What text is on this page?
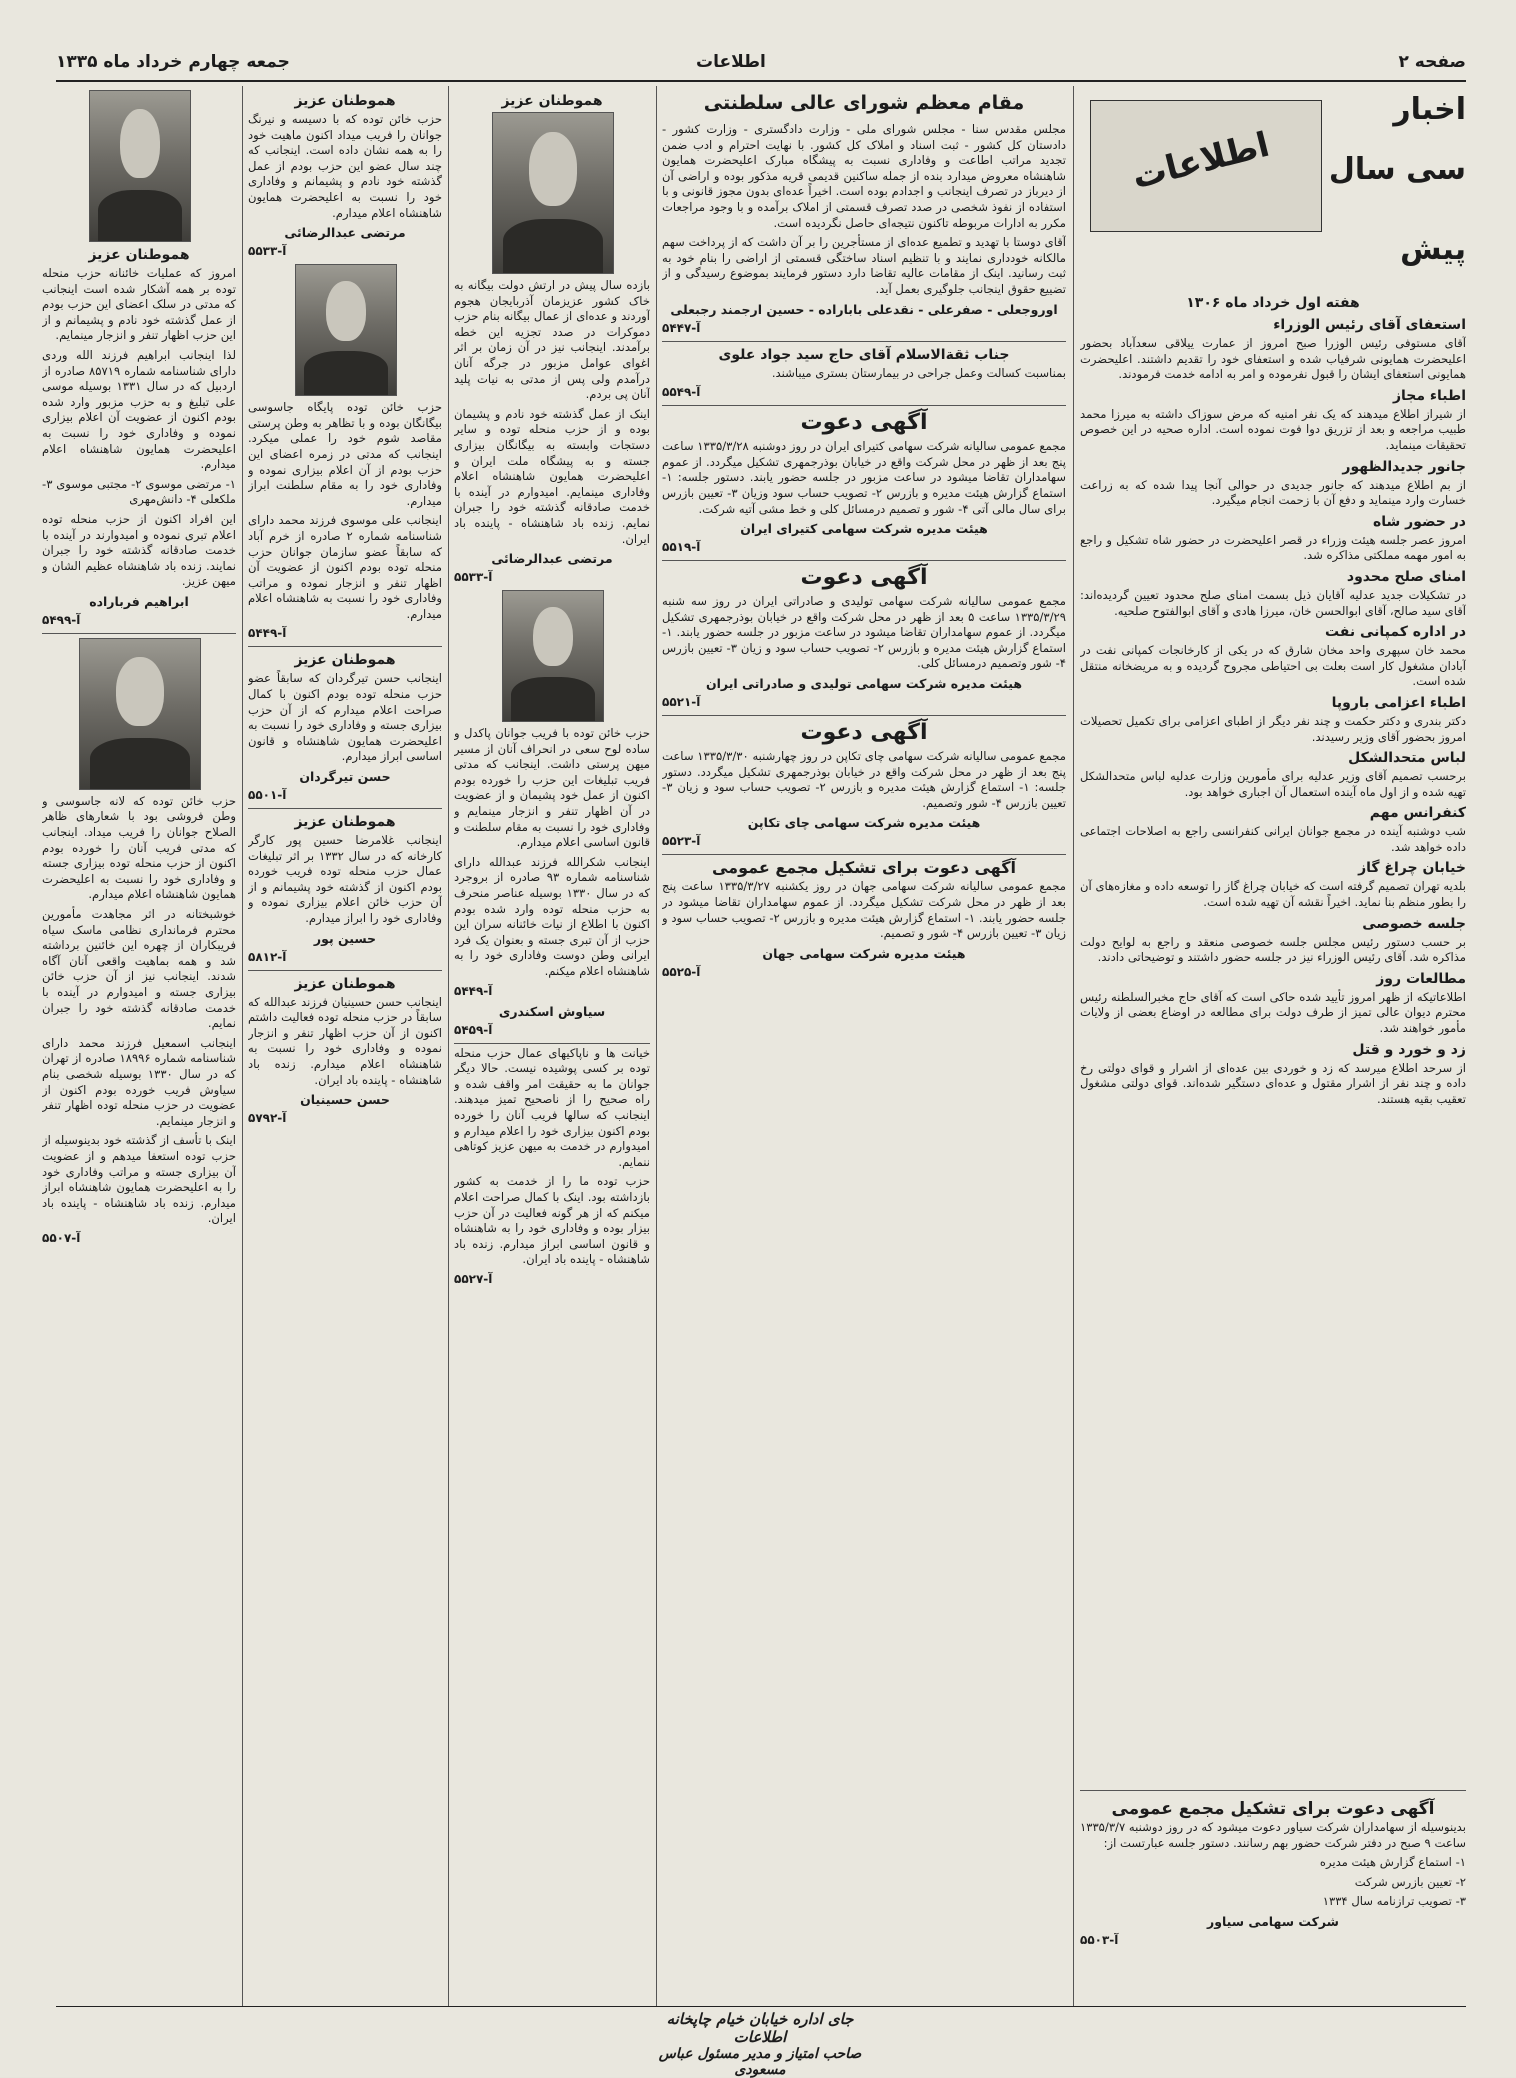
صفحه ۲
اطلاعات
جمعه چهارم خرداد ماه ۱۳۳۵
اخبار
سی سال
پیش
اطلاعات
هفته اول خرداد ماه ۱۳۰۶
استعفای آقای رئیس الوزراء

آقای مستوفی رئیس الوزرا صبح امروز از عمارت ییلاقی سعدآباد بحضور اعلیحضرت همایونی شرفیاب شده و استعفای خود را تقدیم داشتند. اعلیحضرت همایونی استعفای ایشان را قبول نفرموده و امر به ادامه خدمت فرمودند.

اطباء مجاز

از شیراز اطلاع میدهند که یک نفر امنیه که مرض سوزاک داشته به میرزا محمد طبیب مراجعه و بعد از تزریق دوا فوت نموده است. اداره صحیه در این خصوص تحقیقات مینماید.

جانور جدیدالظهور

از بم اطلاع میدهند که جانور جدیدی در حوالی آنجا پیدا شده که به زراعت خسارت وارد مینماید و دفع آن با زحمت انجام میگیرد.

در حضور شاه

امروز عصر جلسه هیئت وزراء در قصر اعلیحضرت در حضور شاه تشکیل و راجع به امور مهمه مملکتی مذاکره شد.

امنای صلح محدود

در تشکیلات جدید عدلیه آقایان ذیل بسمت امنای صلح محدود تعیین گردیده‌اند: آقای سید صالح، آقای ابوالحسن خان، میرزا هادی و آقای ابوالفتوح صلحیه.

در اداره کمپانی نفت

محمد خان سپهری واحد مخان شارق که در یکی از کارخانجات کمپانی نفت در آبادان مشغول کار است بعلت بی احتیاطی مجروح گردیده و به مریضخانه منتقل شده است.

اطباء اعزامی باروپا

دکتر بندری و دکتر حکمت و چند نفر دیگر از اطبای اعزامی برای تکمیل تحصیلات امروز بحضور آقای وزیر رسیدند.

لباس متحدالشکل

برحسب تصمیم آقای وزیر عدلیه برای مأمورین وزارت عدلیه لباس متحدالشکل تهیه شده و از اول ماه آینده استعمال آن اجباری خواهد بود.

کنفرانس مهم

شب دوشنبه آینده در مجمع جوانان ایرانی کنفرانسی راجع به اصلاحات اجتماعی داده خواهد شد.

خیابان چراغ گاز

بلدیه تهران تصمیم گرفته است که خیابان چراغ گاز را توسعه داده و مغازه‌های آن را بطور منظم بنا نماید. اخیراً نقشه آن تهیه شده است.

جلسه خصوصی

بر حسب دستور رئیس مجلس جلسه خصوصی منعقد و راجع به لوایح دولت مذاکره شد. آقای رئیس الوزراء نیز در جلسه حضور داشتند و توضیحاتی دادند.

مطالعات روز

اطلاعاتیکه از ظهر امروز تأیید شده حاکی است که آقای حاج مخبرالسلطنه رئیس محترم دیوان عالی تمیز از طرف دولت برای مطالعه در اوضاع بعضی از ولایات مأمور خواهند شد.

زد و خورد و قتل

از سرحد اطلاع میرسد که زد و خوردی بین عده‌ای از اشرار و قوای دولتی رخ داده و چند نفر از اشرار مقتول و عده‌ای دستگیر شده‌اند. قوای دولتی مشغول تعقیب بقیه هستند.

آگهی دعوت برای تشکیل مجمع عمومی

بدینوسیله از سهامداران شرکت سیاور دعوت میشود که در روز دوشنبه ۱۳۳۵/۳/۷ ساعت ۹ صبح در دفتر شرکت حضور بهم رسانند. دستور جلسه عبارتست از:

۱- استماع گزارش هیئت مدیره

۲- تعیین بازرس شرکت

۳- تصویب ترازنامه سال ۱۳۳۴

شرکت سهامی سیاور
آ-۵۵۰۳
مقام معظم شورای عالی سلطنتی

مجلس مقدس سنا - مجلس شورای ملی - وزارت دادگستری - وزارت کشور - دادستان کل کشور - ثبت اسناد و املاک کل کشور. با نهایت احترام و ادب ضمن تجدید مراتب اطاعت و وفاداری نسبت به پیشگاه مبارک اعلیحضرت همایون شاهنشاه معروض میدارد بنده از جمله ساکنین قدیمی قریه مذکور بوده و اراضی آن از دیرباز در تصرف اینجانب و اجدادم بوده است. اخیراً عده‌ای بدون مجوز قانونی و با استفاده از نفوذ شخصی در صدد تصرف قسمتی از املاک برآمده و با وجود مراجعات مکرر به ادارات مربوطه تاکنون نتیجه‌ای حاصل نگردیده است.

آقای دوستا با تهدید و تطمیع عده‌ای از مستأجرین را بر آن داشت که از پرداخت سهم مالکانه خودداری نمایند و با تنظیم اسناد ساختگی قسمتی از اراضی را بنام خود به ثبت رسانید. اینک از مقامات عالیه تقاضا دارد دستور فرمایند بموضوع رسیدگی و از تضییع حقوق اینجانب جلوگیری بعمل آید.

اوروجعلی - صفرعلی - نقدعلی باباراده - حسین ارجمند رجبعلی
آ-۵۴۴۷
جناب ثقةالاسلام آقای حاج سید جواد علوی

بمناسبت کسالت وعمل جراحی در بیمارستان بستری میباشند.

آ-۵۵۴۹
آگهی دعوت

مجمع عمومی سالیانه شرکت سهامی کتیرای ایران در روز دوشنبه ۱۳۳۵/۳/۲۸ ساعت پنج بعد از ظهر در محل شرکت واقع در خیابان بوذرجمهری تشکیل میگردد. از عموم سهامداران تقاضا میشود در ساعت مزبور در جلسه حضور یابند. دستور جلسه: ۱- استماع گزارش هیئت مدیره و بازرس ۲- تصویب حساب سود وزیان ۳- تعیین بازرس برای سال مالی آتی ۴- شور و تصمیم درمسائل کلی و خط مشی آتیه شرکت.

هیئت مدیره شرکت سهامی کتیرای ایران
آ-۵۵۱۹
آگهی دعوت

مجمع عمومی سالیانه شرکت سهامی تولیدی و صادراتی ایران در روز سه شنبه ۱۳۳۵/۳/۲۹ ساعت ۵ بعد از ظهر در محل شرکت واقع در خیابان بوذرجمهری تشکیل میگردد. از عموم سهامداران تقاضا میشود در ساعت مزبور در جلسه حضور یابند. ۱- استماع گزارش هیئت مدیره و بازرس ۲- تصویب حساب سود و زیان ۳- تعیین بازرس ۴- شور وتصمیم درمسائل کلی.

هیئت مدیره شرکت سهامی تولیدی و صادراتی ایران
آ-۵۵۲۱
آگهی دعوت

مجمع عمومی سالیانه شرکت سهامی چای تکاپن در روز چهارشنبه ۱۳۳۵/۳/۳۰ ساعت پنج بعد از ظهر در محل شرکت واقع در خیابان بوذرجمهری تشکیل میگردد. دستور جلسه: ۱- استماع گزارش هیئت مدیره و بازرس ۲- تصویب حساب سود و زیان ۳- تعیین بازرس ۴- شور وتصمیم.

هیئت مدیره شرکت سهامی چای تکاپن
آ-۵۵۲۳
آگهی دعوت برای تشکیل مجمع عمومی

مجمع عمومی سالیانه شرکت سهامی جهان در روز یکشنبه ۱۳۳۵/۳/۲۷ ساعت پنج بعد از ظهر در محل شرکت تشکیل میگردد. از عموم سهامداران تقاضا میشود در جلسه حضور یابند. ۱- استماع گزارش هیئت مدیره و بازرس ۲- تصویب حساب سود و زیان ۳- تعیین بازرس ۴- شور و تصمیم.

هیئت مدیره شرکت سهامی جهان
آ-۵۵۲۵
هموطنان عزیز

بازده سال پیش در ارتش دولت بیگانه به خاک کشور عزیزمان آذربایجان هجوم آوردند و عده‌ای از عمال بیگانه بنام حزب دموکرات در صدد تجزیه این خطه برآمدند. اینجانب نیز در آن زمان بر اثر اغوای عوامل مزبور در جرگه آنان درآمدم ولی پس از مدتی به نیات پلید آنان پی بردم.

اینک از عمل گذشته خود نادم و پشیمان بوده و از حزب منحله توده و سایر دستجات وابسته به بیگانگان بیزاری جسته و به پیشگاه ملت ایران و اعلیحضرت همایون شاهنشاه اعلام وفاداری مینمایم. امیدوارم در آینده با خدمت صادقانه گذشته خود را جبران نمایم. زنده باد شاهنشاه - پاینده باد ایران.

مرتضی عبدالرضائی
آ-۵۵۳۳

حزب خائن توده با فریب جوانان پاکدل و ساده لوح سعی در انحراف آنان از مسیر میهن پرستی داشت. اینجانب که مدتی فریب تبلیغات این حزب را خورده بودم اکنون از عمل خود پشیمان و از عضویت در آن اظهار تنفر و انزجار مینمایم و وفاداری خود را نسبت به مقام سلطنت و قانون اساسی اعلام میدارم.

اینجانب شکرالله فرزند عبدالله دارای شناسنامه شماره ۹۳ صادره از بروجرد که در سال ۱۳۳۰ بوسیله عناصر منحرف به حزب منحله توده وارد شده بودم اکنون با اطلاع از نیات خائنانه سران این حزب از آن تبری جسته و بعنوان یک فرد ایرانی وطن دوست وفاداری خود را به شاهنشاه اعلام میکنم.

آ-۵۴۴۹
سیاوش اسکندری
آ-۵۴۵۹

خیانت ها و ناپاکیهای عمال حزب منحله توده بر کسی پوشیده نیست. حالا دیگر جوانان ما به حقیقت امر واقف شده و راه صحیح را از ناصحیح تمیز میدهند. اینجانب که سالها فریب آنان را خورده بودم اکنون بیزاری خود را اعلام میدارم و امیدوارم در خدمت به میهن عزیز کوتاهی ننمایم.

حزب توده ما را از خدمت به کشور بازداشته بود. اینک با کمال صراحت اعلام میکنم که از هر گونه فعالیت در آن حزب بیزار بوده و وفاداری خود را به شاهنشاه و قانون اساسی ابراز میدارم. زنده باد شاهنشاه - پاینده باد ایران.

آ-۵۵۲۷
هموطنان عزیز

حزب خائن توده که با دسیسه و نیرنگ جوانان را فریب میداد اکنون ماهیت خود را به همه نشان داده است. اینجانب که چند سال عضو این حزب بودم از عمل گذشته خود نادم و پشیمانم و وفاداری خود را نسبت به اعلیحضرت همایون شاهنشاه اعلام میدارم.

مرتضی عبدالرضائی
آ-۵۵۳۳

حزب خائن توده پایگاه جاسوسی بیگانگان بوده و با تظاهر به وطن پرستی مقاصد شوم خود را عملی میکرد. اینجانب که مدتی در زمره اعضای این حزب بودم از آن اعلام بیزاری نموده و وفاداری خود را به مقام سلطنت ابراز میدارم.

اینجانب علی موسوی فرزند محمد دارای شناسنامه شماره ۲ صادره از خرم آباد که سابقاً عضو سازمان جوانان حزب منحله توده بودم اکنون از عضویت آن اظهار تنفر و انزجار نموده و مراتب وفاداری خود را نسبت به شاهنشاه اعلام میدارم.

آ-۵۴۴۹
هموطنان عزیز

اینجانب حسن تیرگردان که سابقاً عضو حزب منحله توده بودم اکنون با کمال صراحت اعلام میدارم که از آن حزب بیزاری جسته و وفاداری خود را نسبت به اعلیحضرت همایون شاهنشاه و قانون اساسی ابراز میدارم.

حسن تیرگردان
آ-۵۵۰۱
هموطنان عزیز

اینجانب غلامرضا حسین پور کارگر کارخانه که در سال ۱۳۳۲ بر اثر تبلیغات عمال حزب منحله توده فریب خورده بودم اکنون از گذشته خود پشیمانم و از آن حزب خائن اعلام بیزاری نموده و وفاداری خود را ابراز میدارم.

حسین پور
آ-۵۸۱۲
هموطنان عزیز

اینجانب حسن حسینیان فرزند عبدالله که سابقاً در حزب منحله توده فعالیت داشتم اکنون از آن حزب اظهار تنفر و انزجار نموده و وفاداری خود را نسبت به شاهنشاه اعلام میدارم. زنده باد شاهنشاه - پاینده باد ایران.

حسن حسینیان
آ-۵۷۹۲
هموطنان عزیز

امروز که عملیات خائنانه حزب منحله توده بر همه آشکار شده است اینجانب که مدتی در سلک اعضای این حزب بودم از عمل گذشته خود نادم و پشیمانم و از این حزب اظهار تنفر و انزجار مینمایم.

لذا اینجانب ابراهیم فرزند الله وردی دارای شناسنامه شماره ۸۵۷۱۹ صادره از اردبیل که در سال ۱۳۳۱ بوسیله موسی علی تبلیغ و به حزب مزبور وارد شده بودم اکنون از عضویت آن اعلام بیزاری نموده و وفاداری خود را نسبت به اعلیحضرت همایون شاهنشاه اعلام میدارم.

۱- مرتضی موسوی ۲- مجتبی موسوی ۳- ملکعلی ۴- دانش‌مهری

این افراد اکنون از حزب منحله توده اعلام تبری نموده و امیدوارند در آینده با خدمت صادقانه گذشته خود را جبران نمایند. زنده باد شاهنشاه عظیم الشان و میهن عزیز.

ابراهیم فرباراده
آ-۵۴۹۹

حزب خائن توده که لانه جاسوسی و وطن فروشی بود با شعارهای ظاهر الصلاح جوانان را فریب میداد. اینجانب که مدتی فریب آنان را خورده بودم اکنون از حزب منحله توده بیزاری جسته و وفاداری خود را نسبت به اعلیحضرت همایون شاهنشاه اعلام میدارم.

خوشبختانه در اثر مجاهدت مأمورین محترم فرمانداری نظامی ماسک سیاه فریبکاران از چهره این خائنین برداشته شد و همه بماهیت واقعی آنان آگاه شدند. اینجانب نیز از آن حزب خائن بیزاری جسته و امیدوارم در آینده با خدمت صادقانه گذشته خود را جبران نمایم.

اینجانب اسمعیل فرزند محمد دارای شناسنامه شماره ۱۸۹۹۶ صادره از تهران که در سال ۱۳۳۰ بوسیله شخصی بنام سیاوش فریب خورده بودم اکنون از عضویت در حزب منحله توده اظهار تنفر و انزجار مینمایم.

اینک با تأسف از گذشته خود بدینوسیله از حزب توده استعفا میدهم و از عضویت آن بیزاری جسته و مراتب وفاداری خود را به اعلیحضرت همایون شاهنشاه ابراز میدارم. زنده باد شاهنشاه - پاینده باد ایران.

آ-۵۵۰۷
جای اداره خیابان خیام چاپخانه اطلاعات
صاحب امتیاز و مدیر مسئول عباس مسعودی
